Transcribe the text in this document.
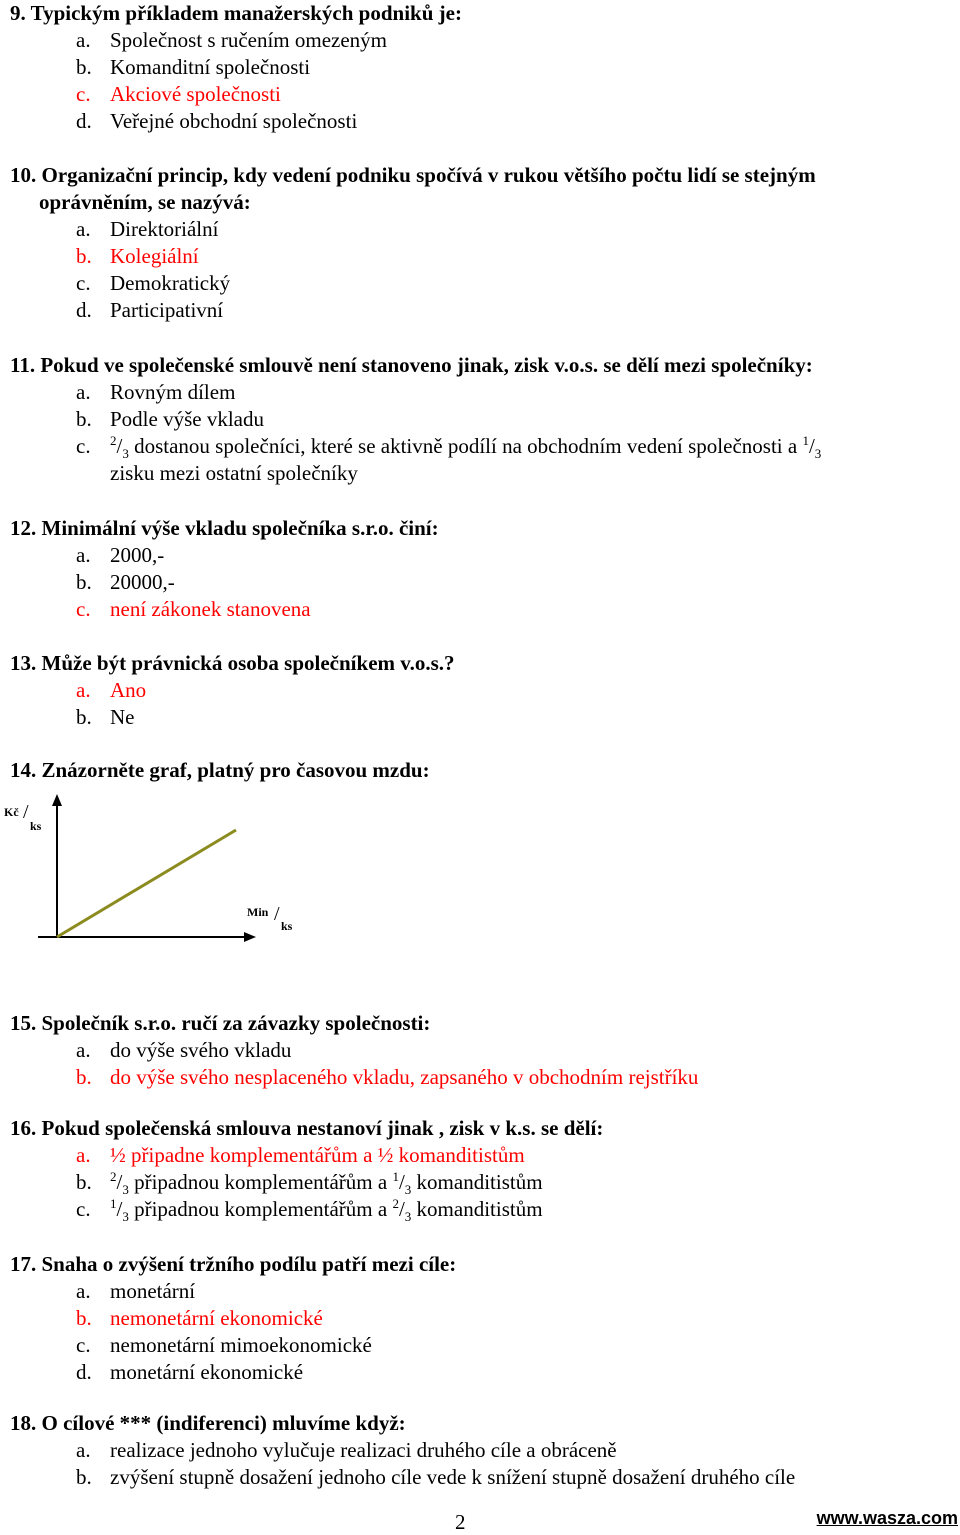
9. Typickým příkladem manažerských podniků je:
a. Společnost s ručením omezeným
b. Komanditní společnosti
c. Akciové společnosti
d. Veřejné obchodní společnosti
10. Organizační princip, kdy vedení podniku spočívá v rukou většího počtu lidí se stejným
oprávněním, se nazývá:
a. Direktoriální
b. Kolegiální
c. Demokratický
d. Participativní
11. Pokud ve společenské smlouvě není stanoveno jinak, zisk v.o.s. se dělí mezi společníky:
a. Rovným dílem
b. Podle výše vkladu
c. $^2/_3$ dostanou společníci, které se aktivně podílí na obchodním vedení společnosti a $^1/_3$
zisku mezi ostatní společníky
12. Minimální výše vkladu společníka s.r.o. činí:
a. 2000,-
b. 20000,-
c. není zákonek stanovena
13. Může být právnická osoba společníkem v.o.s.?
a. Ano
b. Ne
14. Znázorněte graf, platný pro časovou mzdu:
Kč /
ks
Min /
ks
15. Společník s.r.o. ručí za závazky společnosti:
a. do výše svého vkladu
b. do výše svého nesplaceného vkladu, zapsaného v obchodním rejstříku
16. Pokud společenská smlouva nestanoví jinak , zisk v k.s. se dělí:
a. ½ připadne komplementářům a ½ komanditistům
b. $^2/_3$ připadnou komplementářům a $^1/_3$ komanditistům
c. $^1/_3$ připadnou komplementářům a $^2/_3$ komanditistům
17. Snaha o zvýšení tržního podílu patří mezi cíle:
a. monetární
b. nemonetární ekonomické
c. nemonetární mimoekonomické
d. monetární ekonomické
18. O cílové *** (indiferenci) mluvíme když:
a. realizace jednoho vylučuje realizaci druhého cíle a obráceně
b. zvýšení stupně dosažení jednoho cíle vede k snížení stupně dosažení druhého cíle
2	www.wasza.com
